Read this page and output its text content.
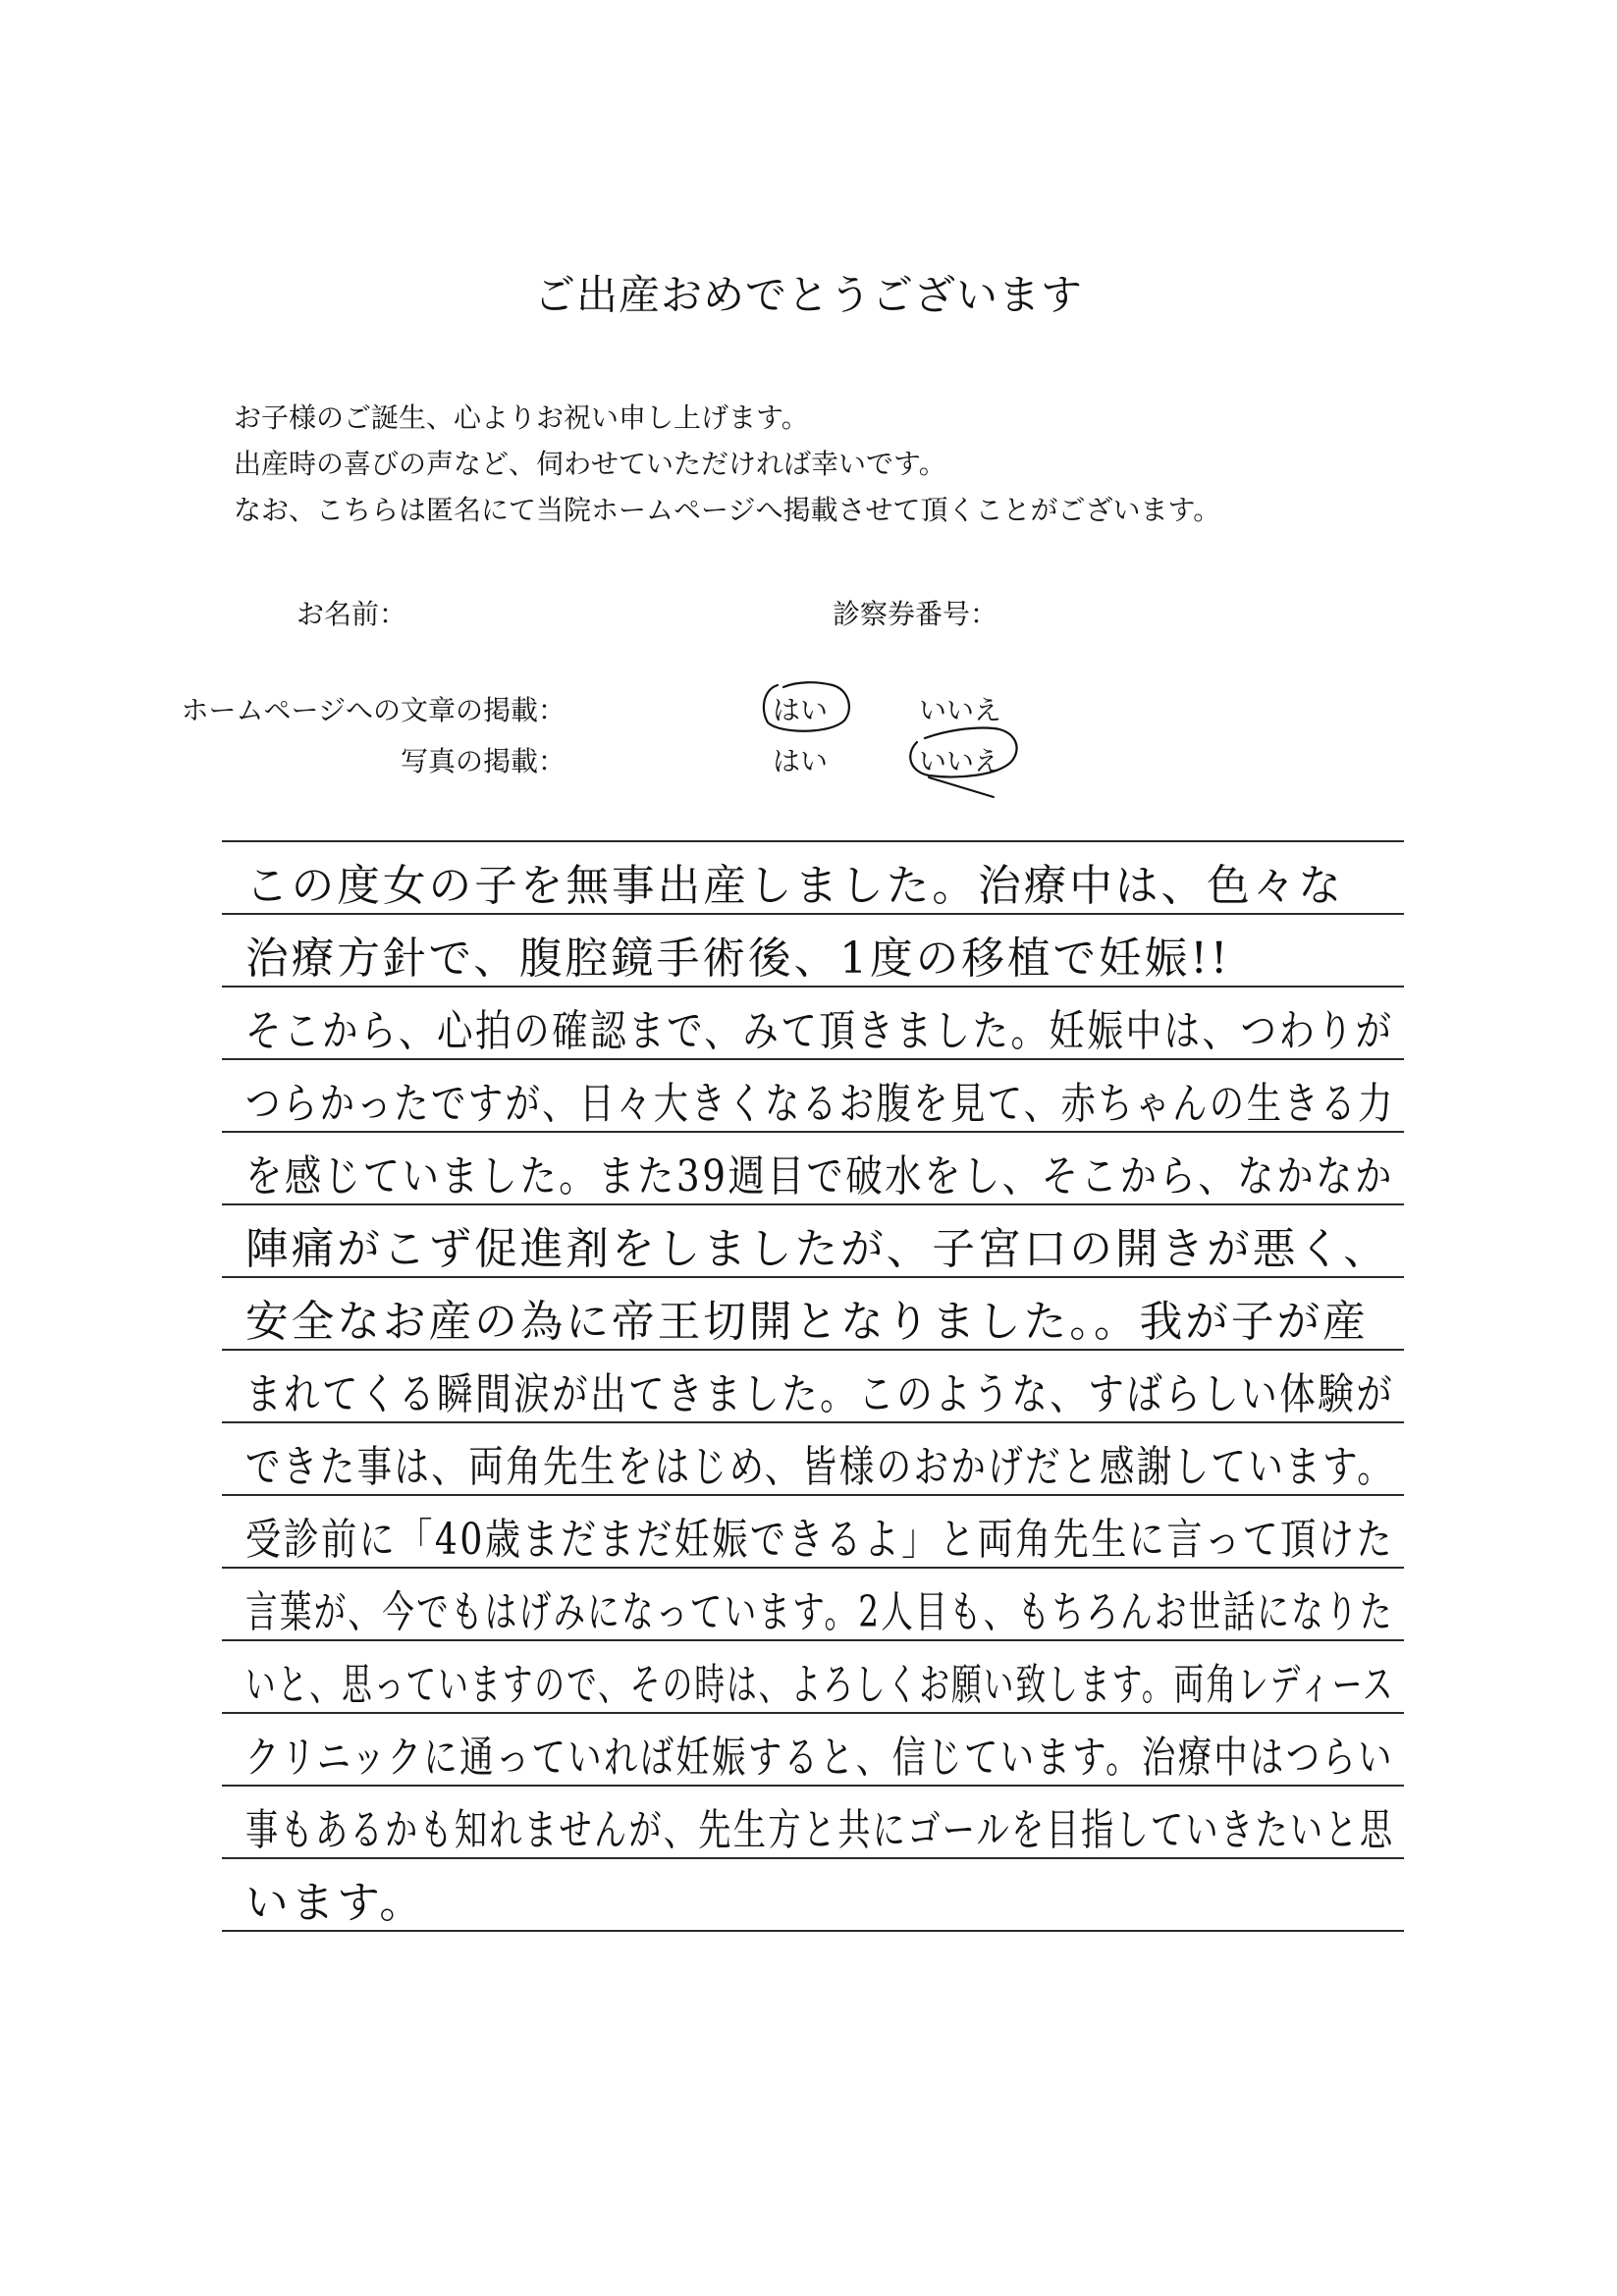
ご出産おめでとうございます
お子様のご誕生、心よりお祝い申し上げます。
出産時の喜びの声など、伺わせていただければ幸いです。
なお、こちらは匿名にて当院ホームページへ掲載させて頂くことがございます。
お名前：	診察券番号：
ホームページへの文章の掲載：	はい	いいえ
写真の掲載：	はい	いいえ
この度女の子を無事出産しました。治療中は、色々な
治療方針で、腹腔鏡手術後、1度の移植で妊娠!!
そこから、心拍の確認まで、みて頂きました。妊娠中は、つわりが
つらかったですが、日々大きくなるお腹を見て、赤ちゃんの生きる力
を感じていました。また39週目で破水をし、そこから、なかなか
陣痛がこず促進剤をしましたが、子宮口の開きが悪く、
安全なお産の為に帝王切開となりました。。我が子が産
まれてくる瞬間涙が出てきました。このような、すばらしい体験が
できた事は、両角先生をはじめ、皆様のおかげだと感謝しています。
受診前に「40歳まだまだ妊娠できるよ」と両角先生に言って頂けた
言葉が、今でもはげみになっています。2人目も、もちろんお世話になりた
いと、思っていますので、その時は、よろしくお願い致します。両角レディース
クリニックに通っていれば妊娠すると、信じています。治療中はつらい
事もあるかも知れませんが、先生方と共にゴールを目指していきたいと思
います。
